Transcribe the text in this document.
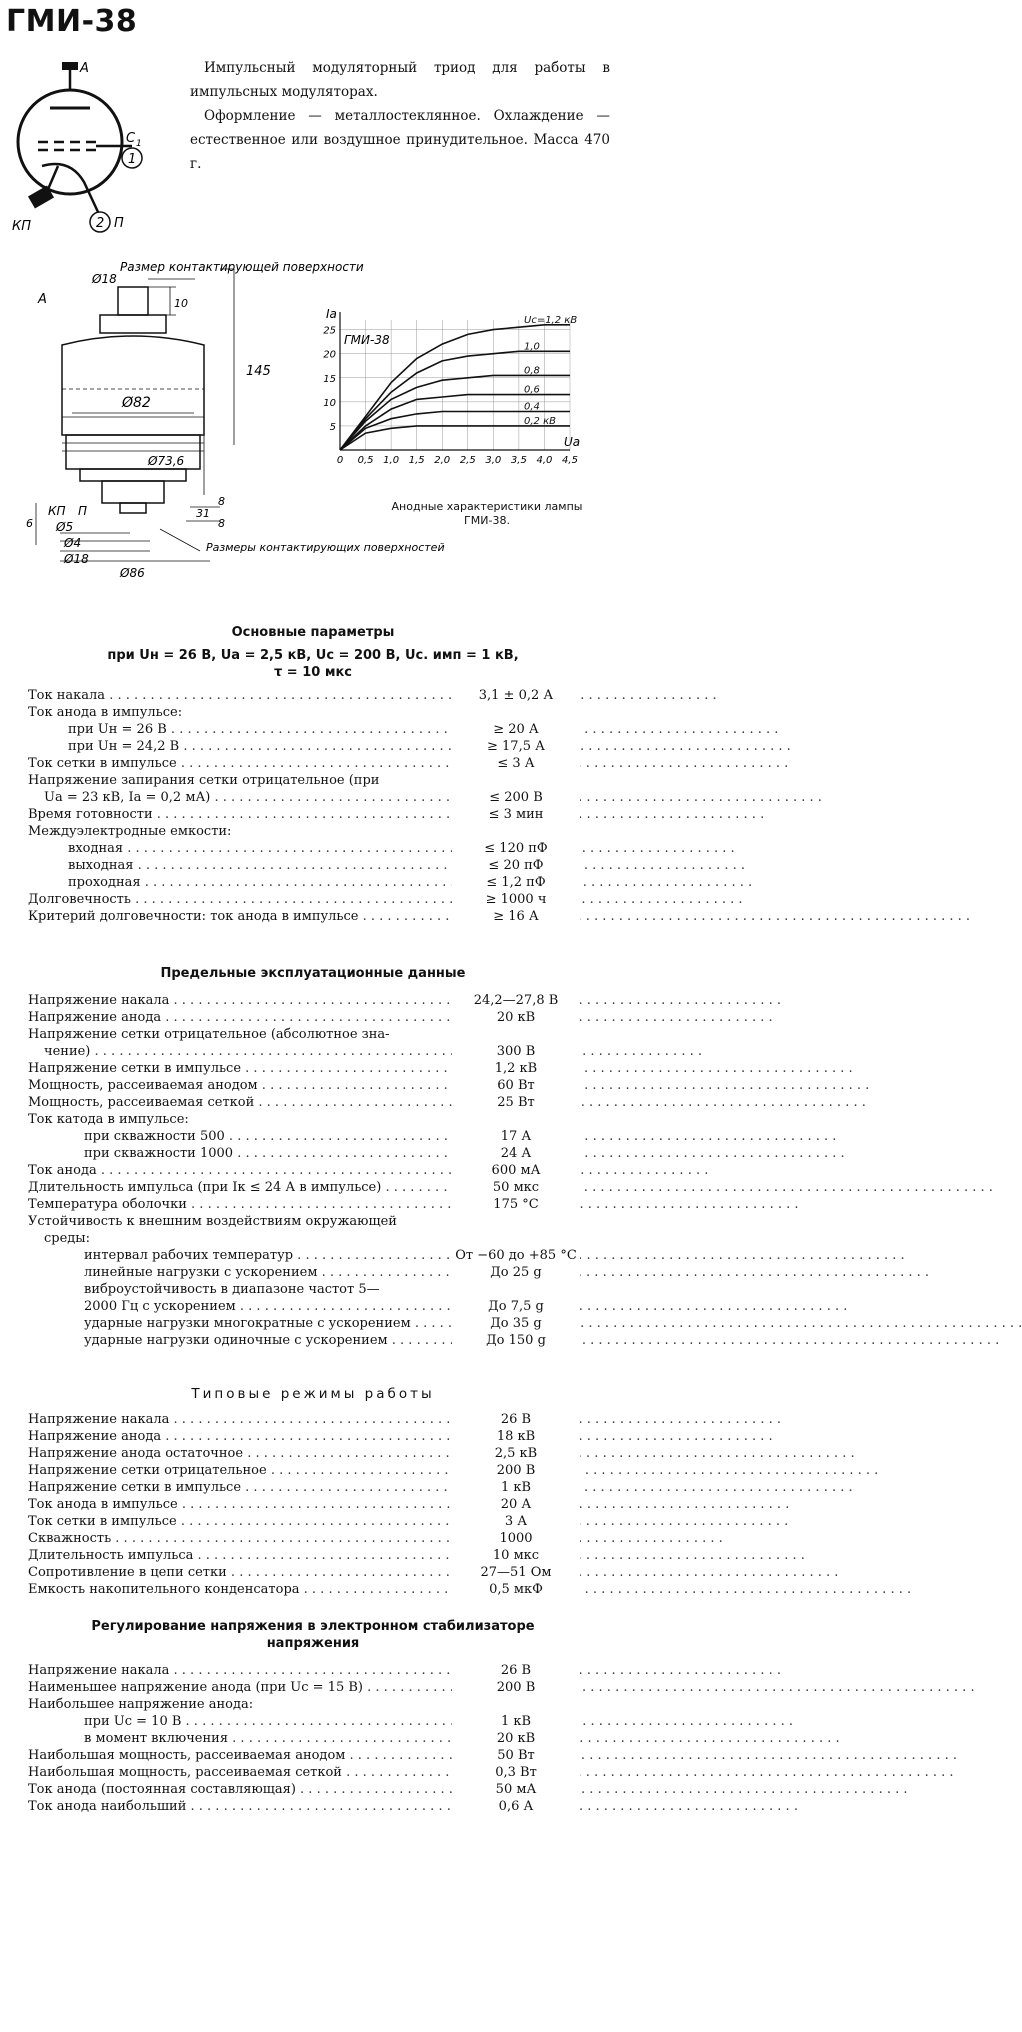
ГМИ-38
1
2
А
С 1
КП	П

Импульсный модуляторный триод для работы в импульсных модуляторах.

Оформление — металлостеклянное. Охлаждение — естественное или воздушное принудительное. Масса 470 г.

Ø18
Размер контактирующей поверхности
А	10
145
Ø82
Ø73,6
6
КП П
Ø5
Ø4
Ø18
Ø86
31
8
8
Размеры контактирующих поверхностей
Iа
Uа
ГМИ-38
0 0,5 1,0 1,5 2,0 2,5 3,0 3,5 4,0 4,5
5
10
15
20
25
Uc=1,2 кВ
1,0
0,8
0,6
0,4
0,2 кВ
Анодные характеристики лампы ГМИ-38.
Основные параметры
при Uн = 26 В, Uа = 2,5 кВ, Uс = 200 В, Uс. имп = 1 кВ,
τ = 10 мкс
Ток накала . . .	3,1 ± 0,2 А
Ток анода в импульсе:
при Uн = 26 В . . .	≥ 20 А
при Uн = 24,2 В . . .	≥ 17,5 А
Ток сетки в импульсе . . .	≤ 3 А
Напряжение запирания сетки отрицательное (при
Uа = 23 кВ, Iа = 0,2 мА) . . .	≤ 200 В
Время готовности . . .	≤ 3 мин
Междуэлектродные емкости:
входная . . .	≤ 120 пФ
выходная . . .	≤ 20 пФ
проходная . . .	≤ 1,2 пФ
Долговечность . . .	≥ 1000 ч
Критерий долговечности: ток анода в импульсе . . .	≥ 16 А
Предельные эксплуатационные данные
Напряжение накала . . .	24,2—27,8 В
Напряжение анода . . .	20 кВ
Напряжение сетки отрицательное (абсолютное зна-
чение) . . .	300 В
Напряжение сетки в импульсе . . .	1,2 кВ
Мощность, рассеиваемая анодом . . .	60 Вт
Мощность, рассеиваемая сеткой . . .	25 Вт
Ток катода в импульсе:
при скважности 500 . . .	17 А
при скважности 1000 . . .	24 А
Ток анода . . .	600 мА
Длительность импульса (при Iк ≤ 24 А в импульсе) . . .	50 мкс
Температура оболочки . . .	175 °С
Устойчивость к внешним воздействиям окружающей
среды:
интервал рабочих температур . . .	От −60 до +85 °С
линейные нагрузки с ускорением . . .	До 25 g
виброустойчивость в диапазоне частот 5—
2000 Гц с ускорением . . .	До 7,5 g
ударные нагрузки многократные с ускорением . . .	До 35 g
ударные нагрузки одиночные с ускорением . . .	До 150 g
Типовые режимы работы
Напряжение накала . . .	26 В
Напряжение анода . . .	18 кВ
Напряжение анода остаточное . . .	2,5 кВ
Напряжение сетки отрицательное . . .	200 В
Напряжение сетки в импульсе . . .	1 кВ
Ток анода в импульсе . . .	20 А
Ток сетки в импульсе . . .	3 А
Скважность . . .	1000
Длительность импульса . . .	10 мкс
Сопротивление в цепи сетки . . .	27—51 Ом
Емкость накопительного конденсатора . . .	0,5 мкФ
Регулирование напряжения в электронном стабилизаторе
напряжения
Напряжение накала . . .	26 В
Наименьшее напряжение анода (при Uс = 15 В) . . .	200 В
Наибольшее напряжение анода:
при Uс = 10 В . . .	1 кВ
в момент включения . . .	20 кВ
Наибольшая мощность, рассеиваемая анодом . . .	50 Вт
Наибольшая мощность, рассеиваемая сеткой . . .	0,3 Вт
Ток анода (постоянная составляющая) . . .	50 мА
Ток анода наибольший . . .	0,6 А
